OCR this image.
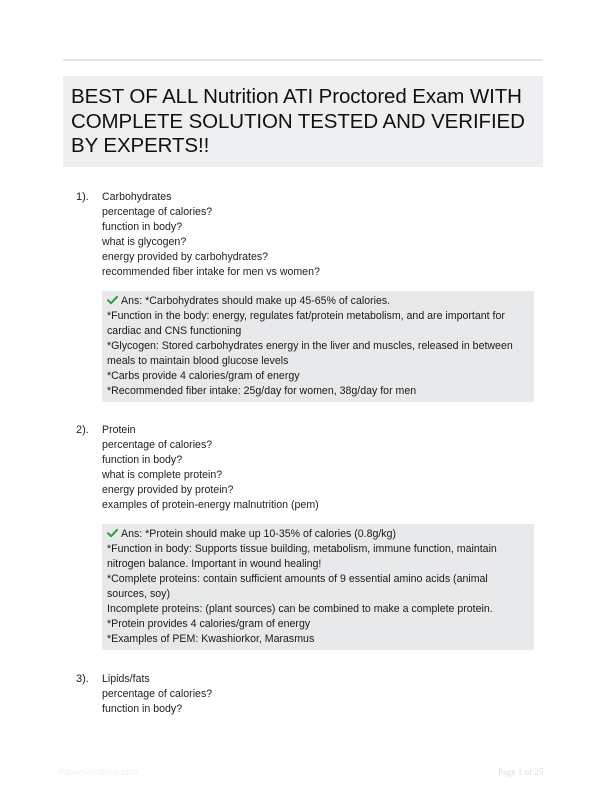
BEST OF ALL Nutrition ATI Proctored Exam WITH COMPLETE SOLUTION TESTED AND VERIFIED BY EXPERTS!!
1). Carbohydrates
percentage of calories?
function in body?
what is glycogen?
energy provided by carbohydrates?
recommended fiber intake for men vs women?
Ans: *Carbohydrates should make up 45-65% of calories.
*Function in the body: energy, regulates fat/protein metabolism, and are important for
cardiac and CNS functioning
*Glycogen: Stored carbohydrates energy in the liver and muscles, released in between
meals to maintain blood glucose levels
*Carbs provide 4 calories/gram of energy
*Recommended fiber intake: 25g/day for women, 38g/day for men
2). Protein
percentage of calories?
function in body?
what is complete protein?
energy provided by protein?
examples of protein-energy malnutrition (pem)
Ans: *Protein should make up 10-35% of calories (0.8g/kg)
*Function in body: Supports tissue building, metabolism, immune function, maintain
nitrogen balance. Important in wound healing!
*Complete proteins: contain sufficient amounts of 9 essential amino acids (animal
sources, soy)
Incomplete proteins: (plant sources) can be combined to make a complete protein.
*Protein provides 4 calories/gram of energy
*Examples of PEM: Kwashiorkor, Marasmus
3). Lipids/fats
percentage of calories?
function in body?
PaperSolutions.com	Page 1 of 25
